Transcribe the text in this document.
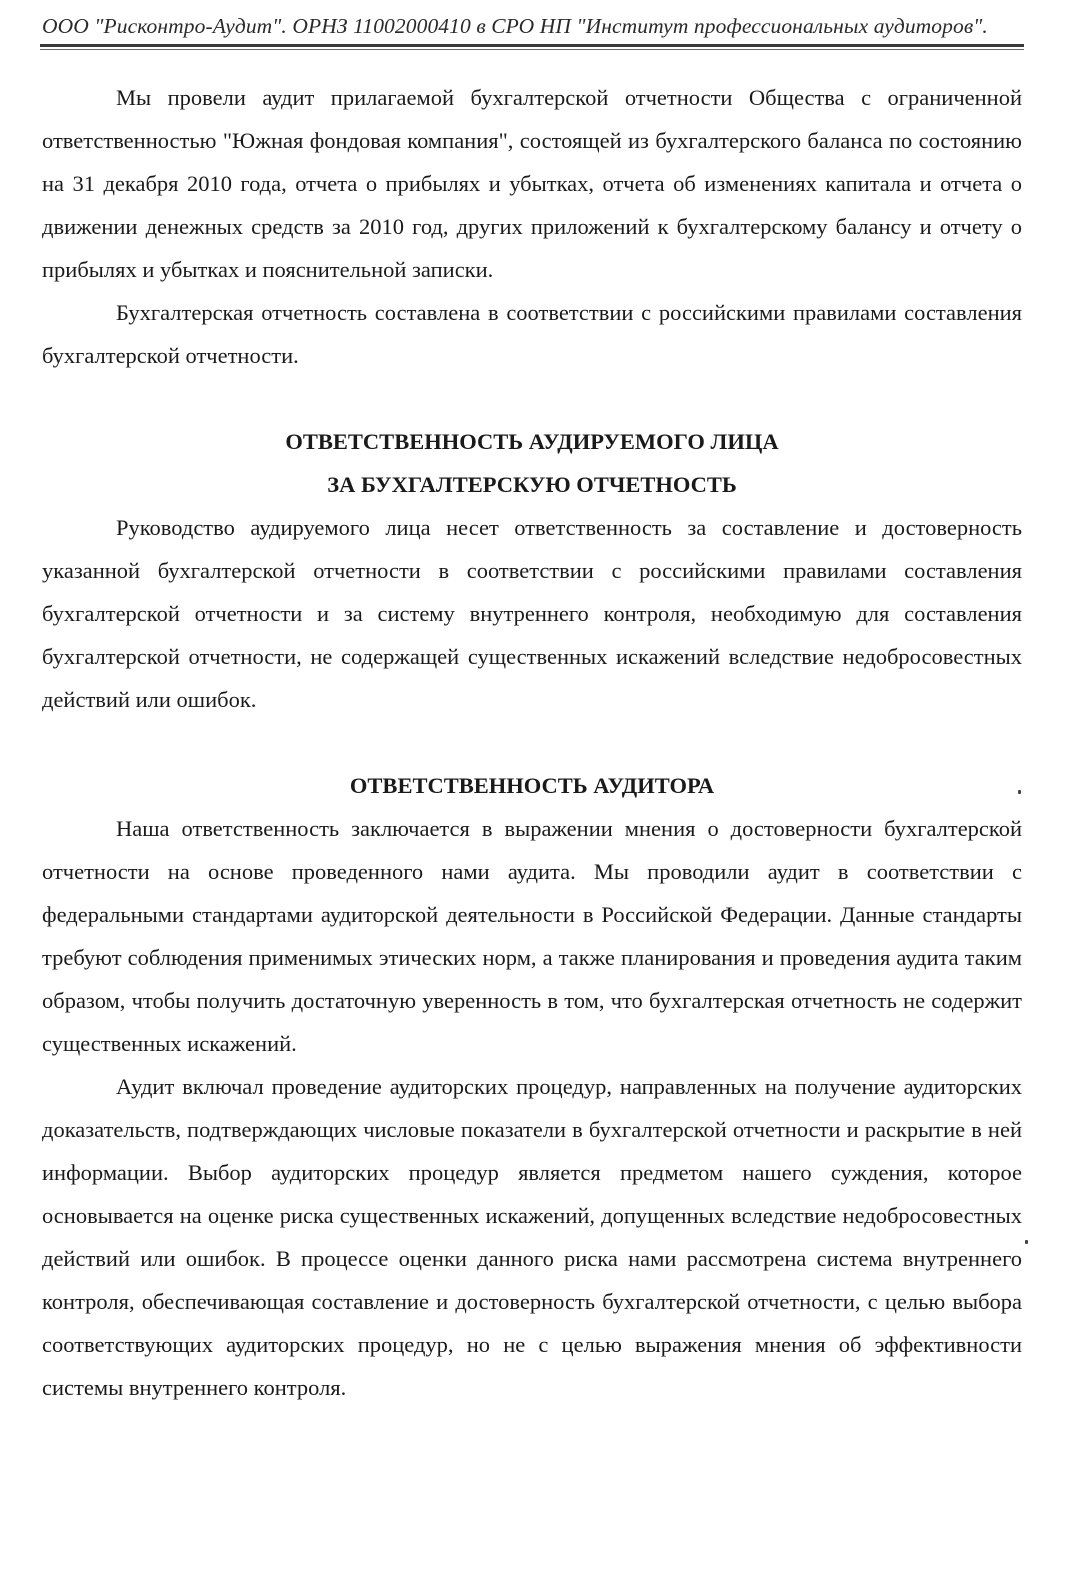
ООО "Рисконтро-Аудит". ОРНЗ 11002000410 в СРО НП "Институт профессиональных аудиторов".

Мы провели аудит прилагаемой бухгалтерской отчетности Общества с ограниченной ответственностью "Южная фондовая компания", состоящей из бухгалтерского баланса по состоянию на 31 декабря 2010 года, отчета о прибылях и убытках, отчета об изменениях капитала и отчета о движении денежных средств за 2010 год, других приложений к бухгалтерскому балансу и отчету о прибылях и убытках и пояснительной записки.

Бухгалтерская отчетность составлена в соответствии с российскими правилами составления бухгалтерской отчетности.

ОТВЕТСТВЕННОСТЬ АУДИРУЕМОГО ЛИЦА

ЗА БУХГАЛТЕРСКУЮ ОТЧЕТНОСТЬ

Руководство аудируемого лица несет ответственность за составление и достоверность указанной бухгалтерской отчетности в соответствии с российскими правилами составления бухгалтерской отчетности и за систему внутреннего контроля, необходимую для составления бухгалтерской отчетности, не содержащей существенных искажений вследствие недобросовестных действий или ошибок.

ОТВЕТСТВЕННОСТЬ АУДИТОРА

Наша ответственность заключается в выражении мнения о достоверности бухгалтерской отчетности на основе проведенного нами аудита. Мы проводили аудит в соответствии с федеральными стандартами аудиторской деятельности в Российской Федерации. Данные стандарты требуют соблюдения применимых этических норм, а также планирования и проведения аудита таким образом, чтобы получить достаточную уверенность в том, что бухгалтерская отчетность не содержит существенных искажений.

Аудит включал проведение аудиторских процедур, направленных на получение аудиторских доказательств, подтверждающих числовые показатели в бухгалтерской отчетности и раскрытие в ней информации. Выбор аудиторских процедур является предметом нашего суждения, которое основывается на оценке риска существенных искажений, допущенных вследствие недобросовестных действий или ошибок. В процессе оценки данного риска нами рассмотрена система внутреннего контроля, обеспечивающая составление и достоверность бухгалтерской отчетности, с целью выбора соответствующих аудиторских процедур, но не с целью выражения мнения об эффективности системы внутреннего контроля.
